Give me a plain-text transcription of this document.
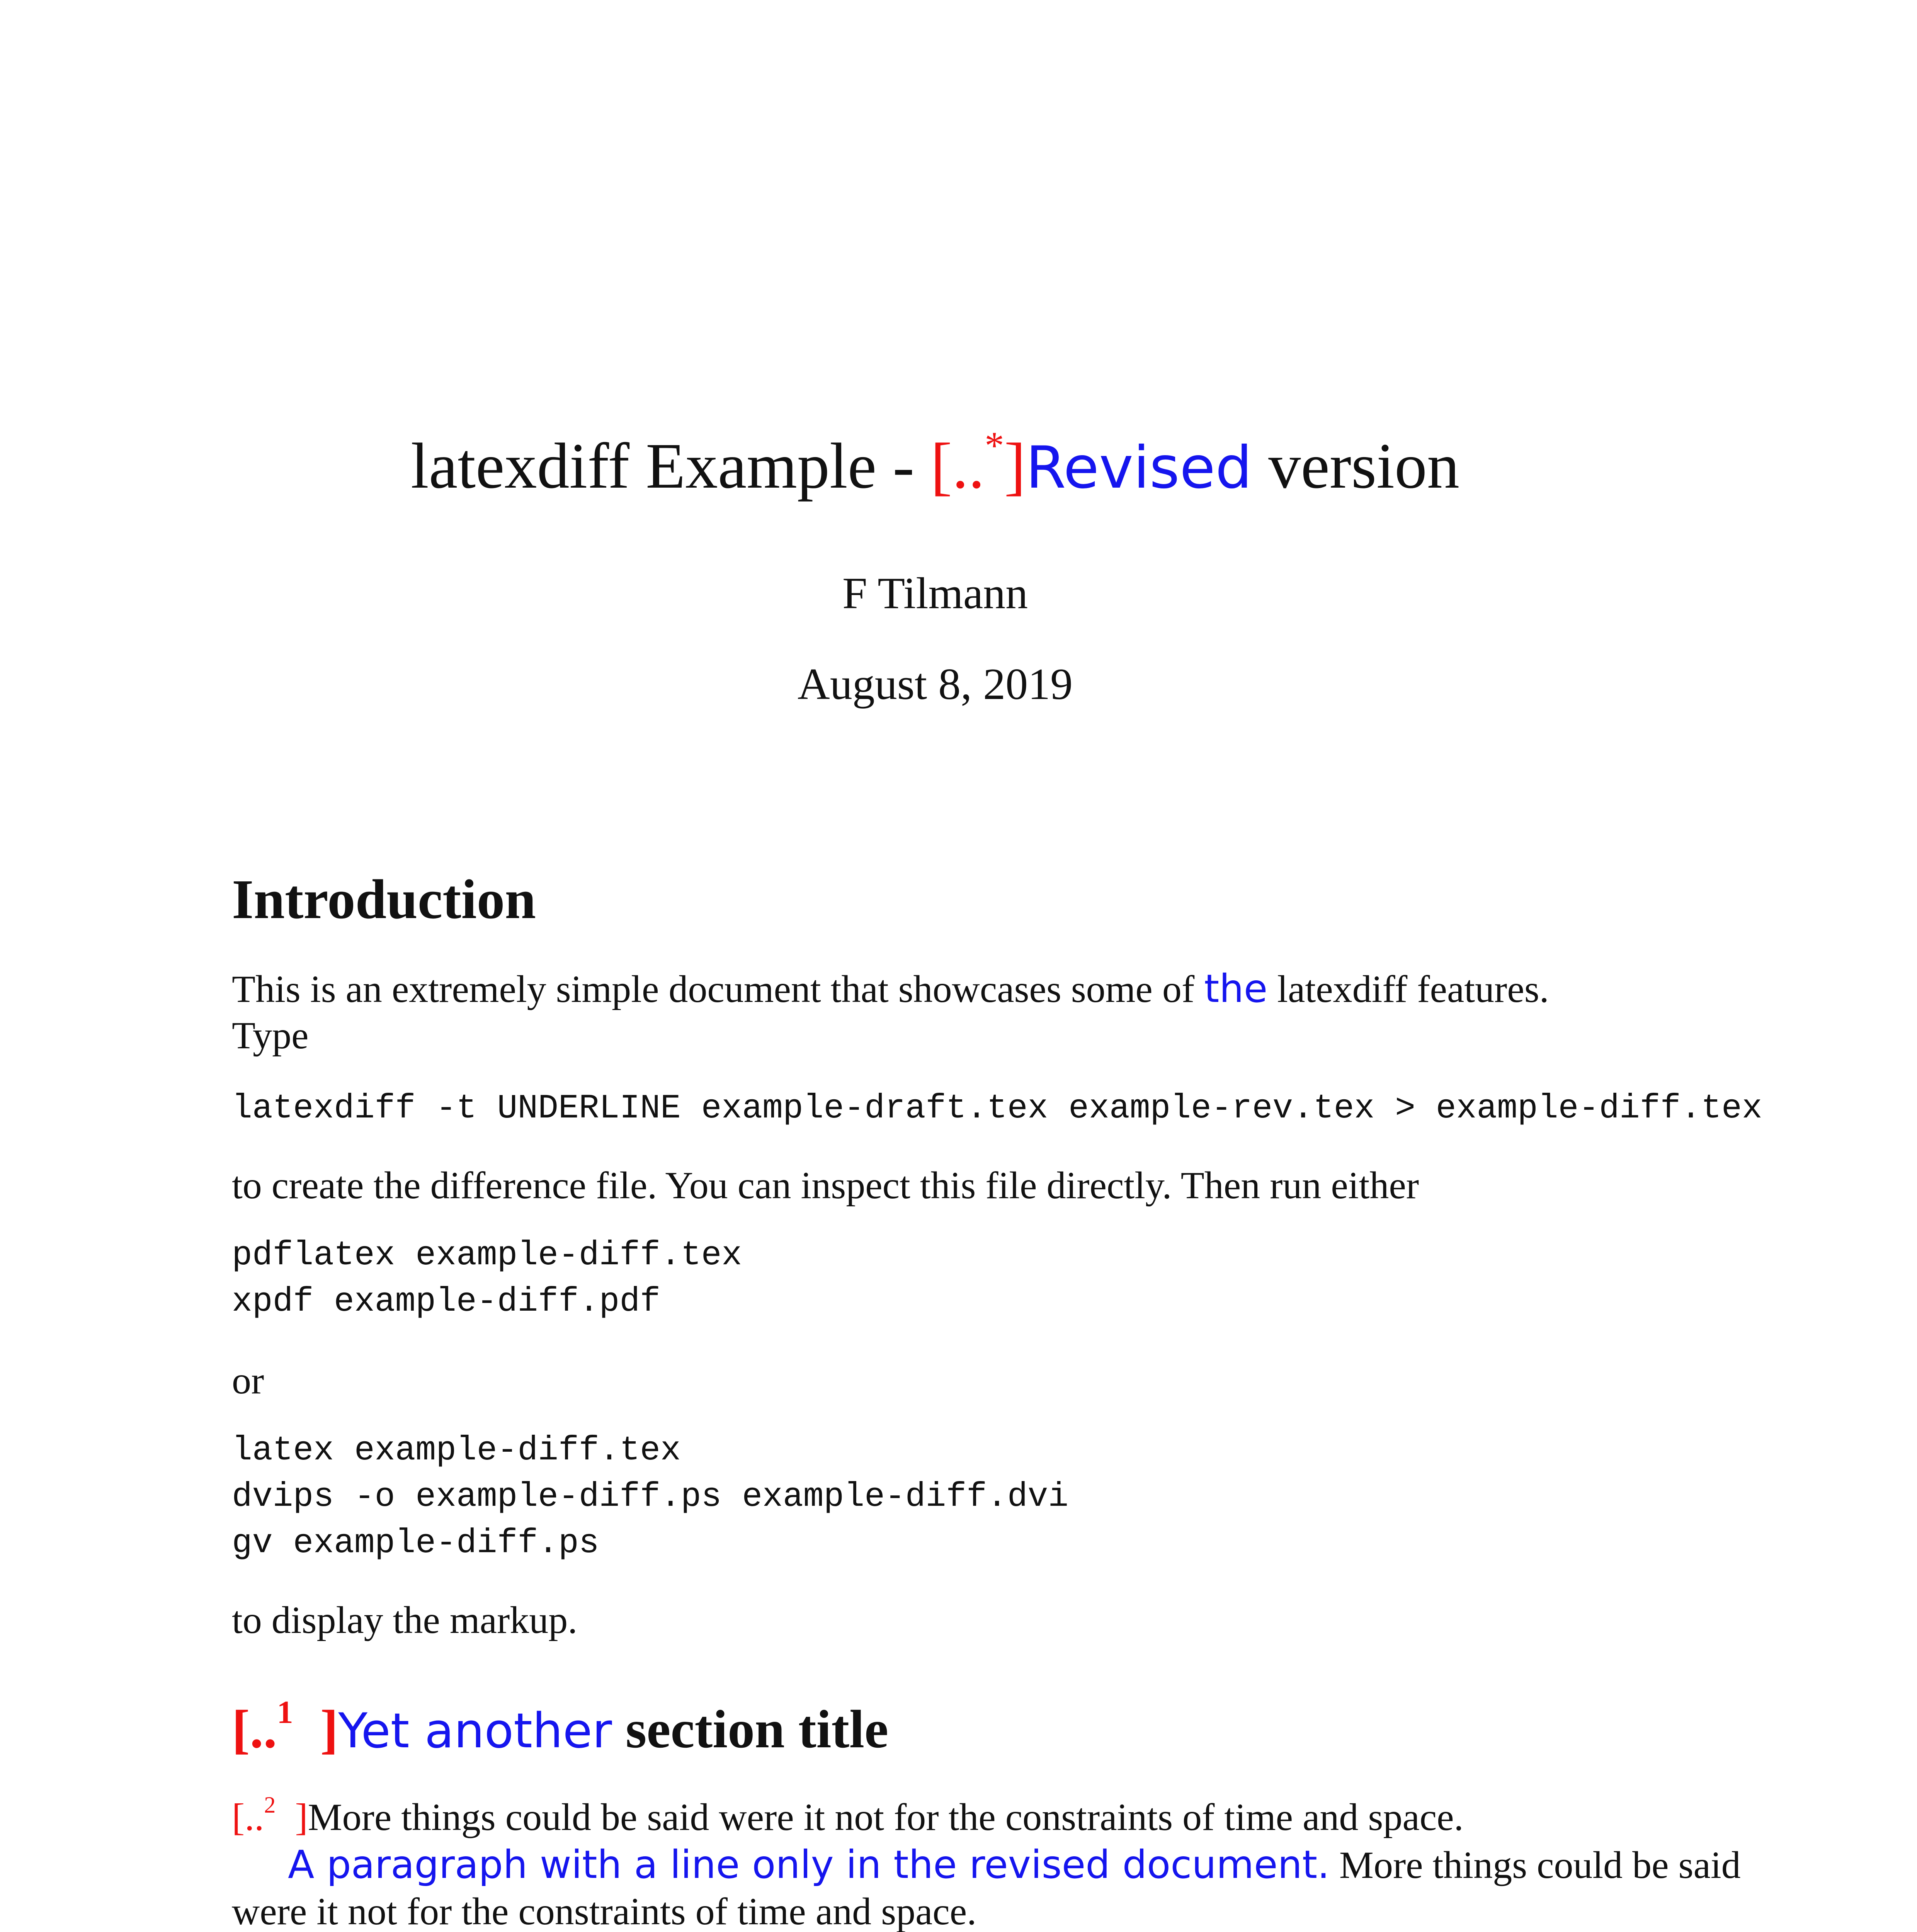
latexdiff Example - [..*]Revised version
F Tilmann
August 8, 2019
Introduction
This is an extremely simple document that showcases some of the latexdiff features.
Type
latexdiff -t UNDERLINE example-draft.tex example-rev.tex > example-diff.tex
to create the difference file. You can inspect this file directly. Then run either
pdflatex example-diff.tex
xpdf example-diff.pdf
or
latex example-diff.tex
dvips -o example-diff.ps example-diff.dvi
gv example-diff.ps
to display the markup.
[..$^1$  ]Yet another section title
[..$^2$  ]More things could be said were it not for the constraints of time and space.
A paragraph with a line only in the revised document. More things could be said
were it not for the constraints of time and space.
